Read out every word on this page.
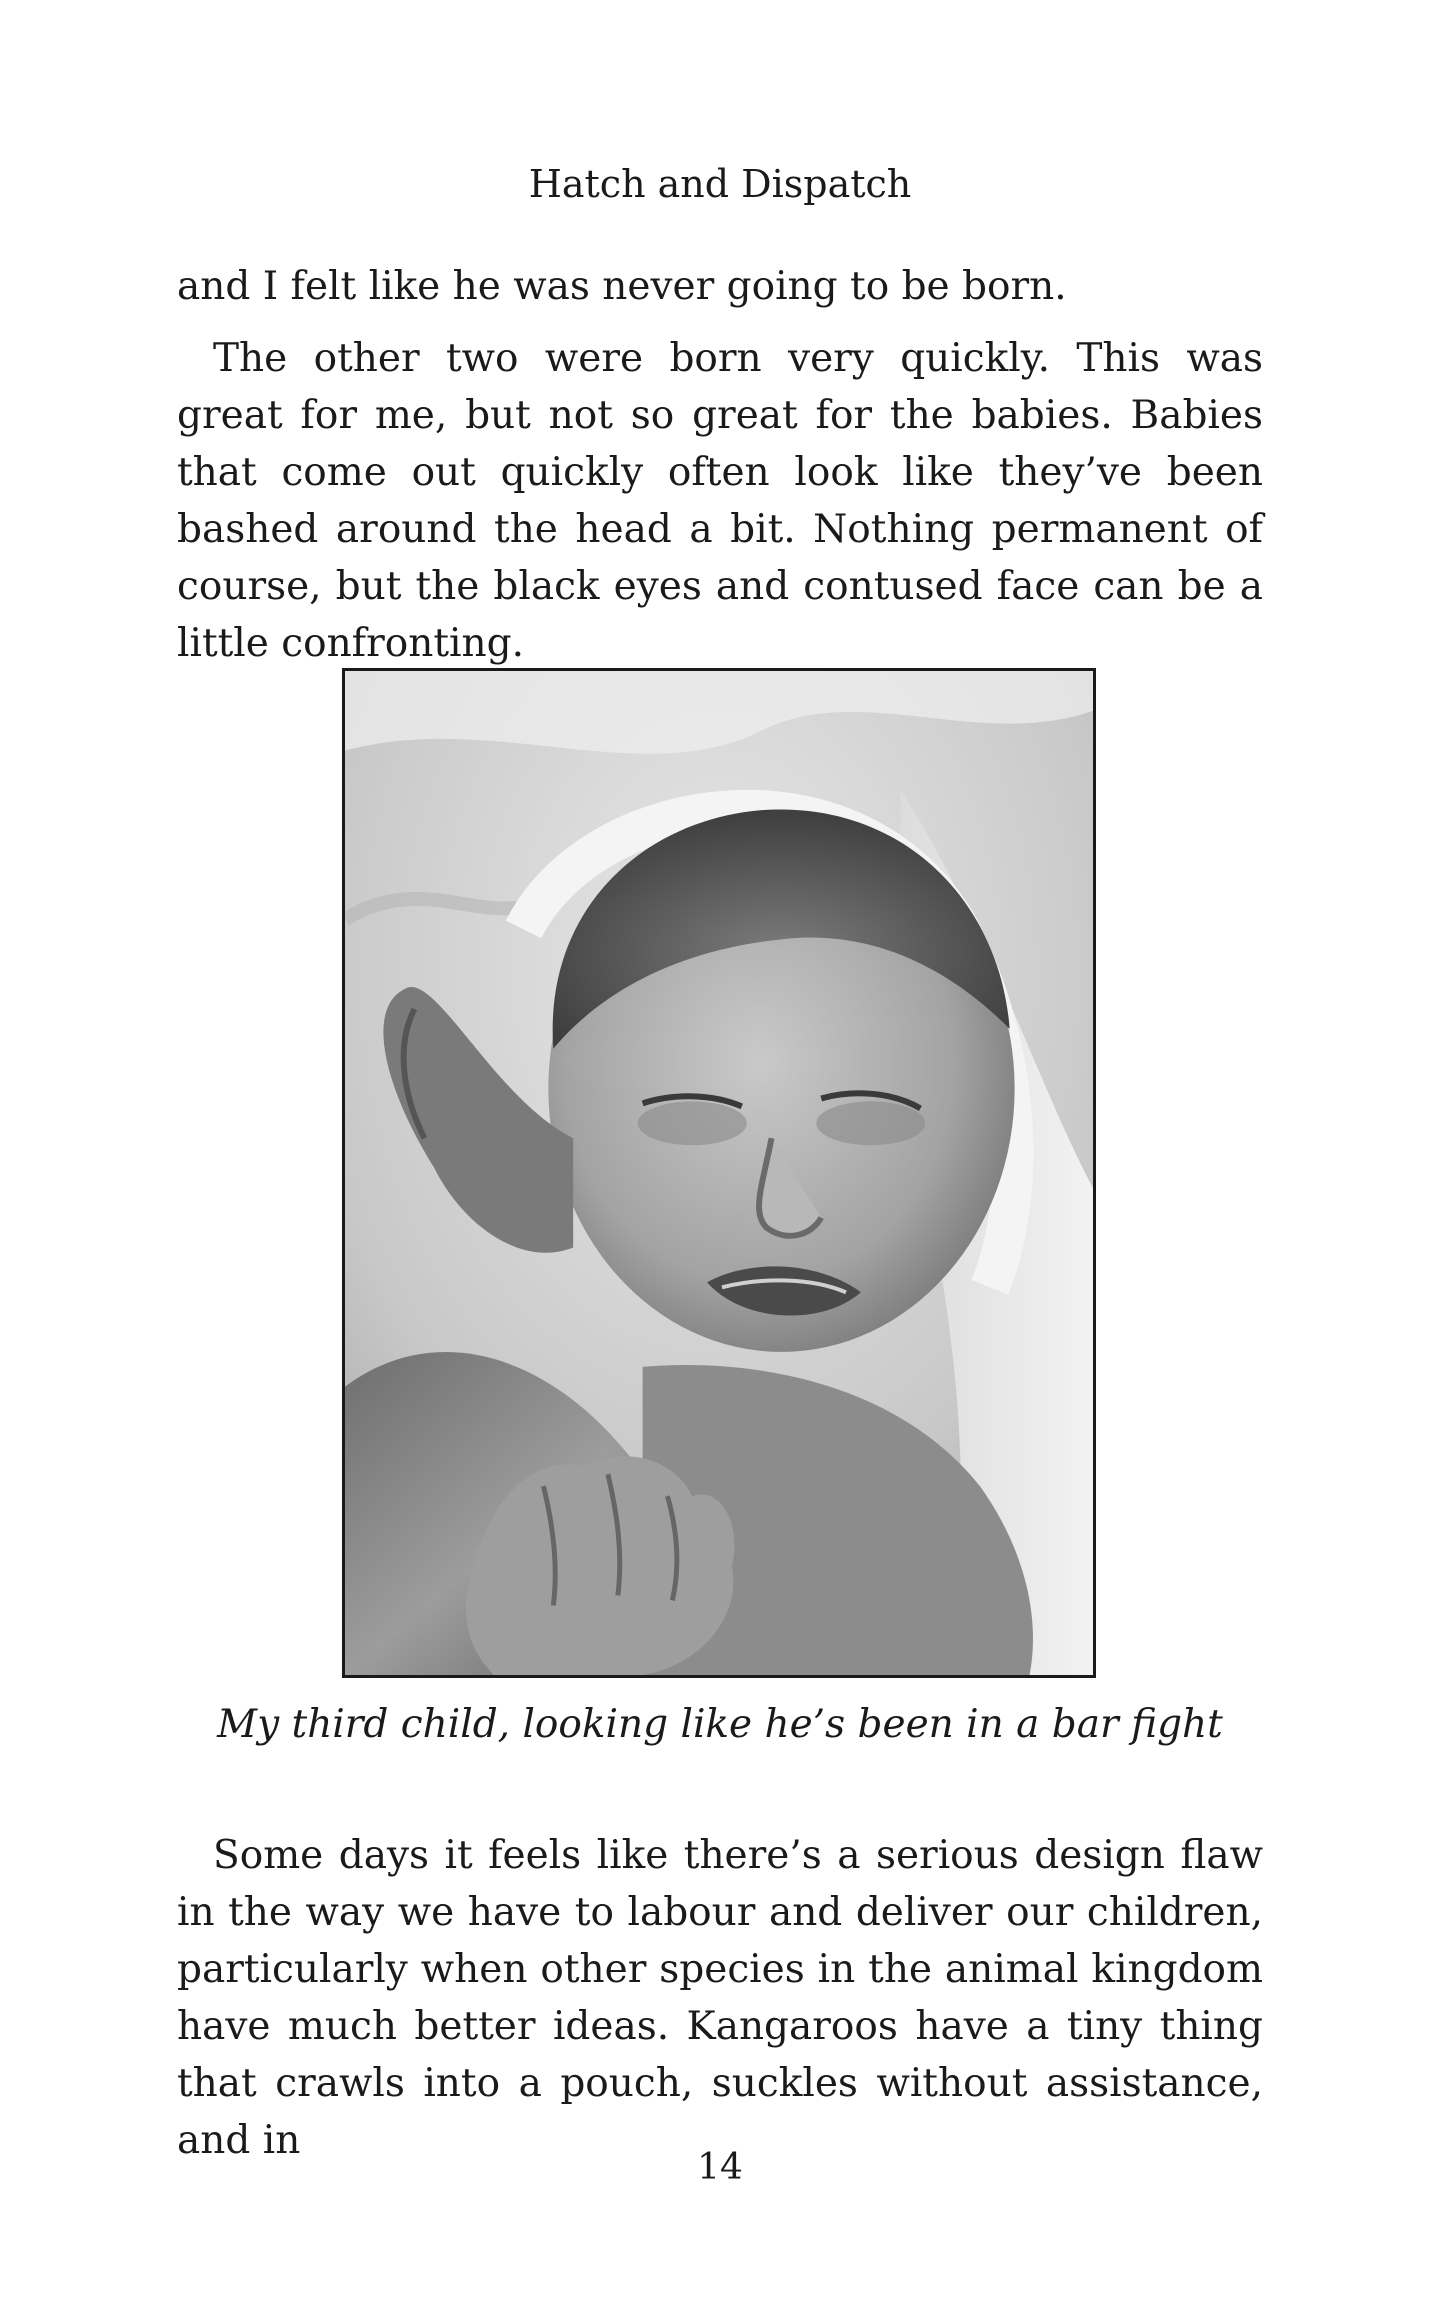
Hatch and Dispatch

and I felt like he was never going to be born.

The other two were born very quickly. This was great for me, but not so great for the babies. Babies that come out quickly often look like they’ve been bashed around the head a bit. Nothing permanent of course, but the black eyes and contused face can be a little confronting.

My third child, looking like he’s been in a bar fight

Some days it feels like there’s a serious design flaw in the way we have to labour and deliver our children, particularly when other species in the animal kingdom have much better ideas. Kangaroos have a tiny thing that crawls into a pouch, suckles without assistance, and in

14
